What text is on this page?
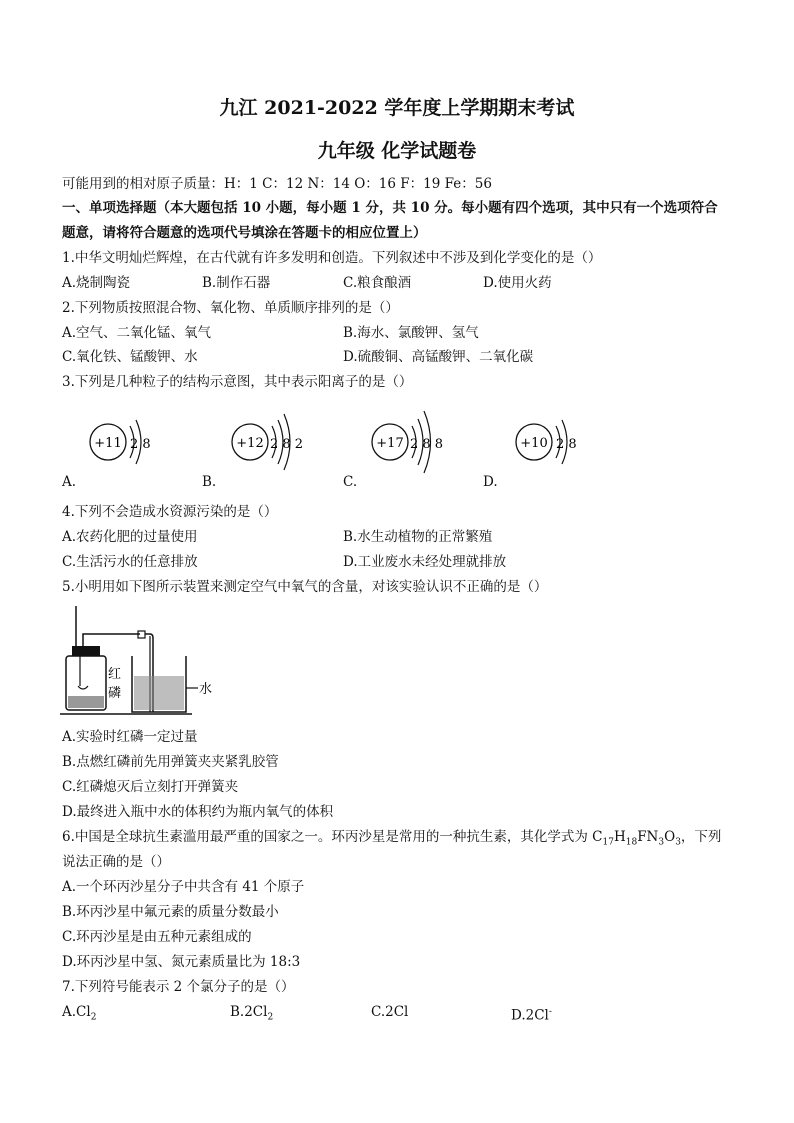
九江 2021-2022 学年度上学期期末考试
九年级 化学试题卷
可能用到的相对原子质量：H：1 C：12 N：14 O：16 F：19 Fe：56
一、单项选择题（本大题包括 10 小题，每小题 1 分，共 10 分。每小题有四个选项，其中只有一个选项符合
题意，请将符合题意的选项代号填涂在答题卡的相应位置上）
1.中华文明灿烂辉煌，在古代就有许多发明和创造。下列叙述中不涉及到化学变化的是（）
A.烧制陶瓷	B.制作石器	C.粮食酿酒	D.使用火药
2.下列物质按照混合物、氧化物、单质顺序排列的是（）
A.空气、二氧化锰、氧气	B.海水、氯酸钾、氢气
C.氧化铁、锰酸钾、水	D.硫酸铜、高锰酸钾、二氧化碳
3.下列是几种粒子的结构示意图，其中表示阳离子的是（）
+11 2 8	+12 2 8 2	+17 2 8 8	+10 2 8
A.	B.	C.	D.
4.下列不会造成水资源污染的是（）
A.农药化肥的过量使用	B.水生动植物的正常繁殖
C.生活污水的任意排放	D.工业废水未经处理就排放
5.小明用如下图所示装置来测定空气中氧气的含量，对该实验认识不正确的是（）
红
磷	水
A.实验时红磷一定过量
B.点燃红磷前先用弹簧夹夹紧乳胶管
C.红磷熄灭后立刻打开弹簧夹
D.最终进入瓶中水的体积约为瓶内氧气的体积
6.中国是全球抗生素滥用最严重的国家之一。环丙沙星是常用的一种抗生素，其化学式为 $C_{17}H_{18}FN_3O_3$，下列
说法正确的是（）
A.一个环丙沙星分子中共含有 41 个原子
B.环丙沙星中氟元素的质量分数最小
C.环丙沙星是由五种元素组成的
D.环丙沙星中氢、氮元素质量比为 18:3
7.下列符号能表示 2 个氯分子的是（）
$A.Cl_2$	$B.2Cl_2$	C.2Cl	D.2Cl-
